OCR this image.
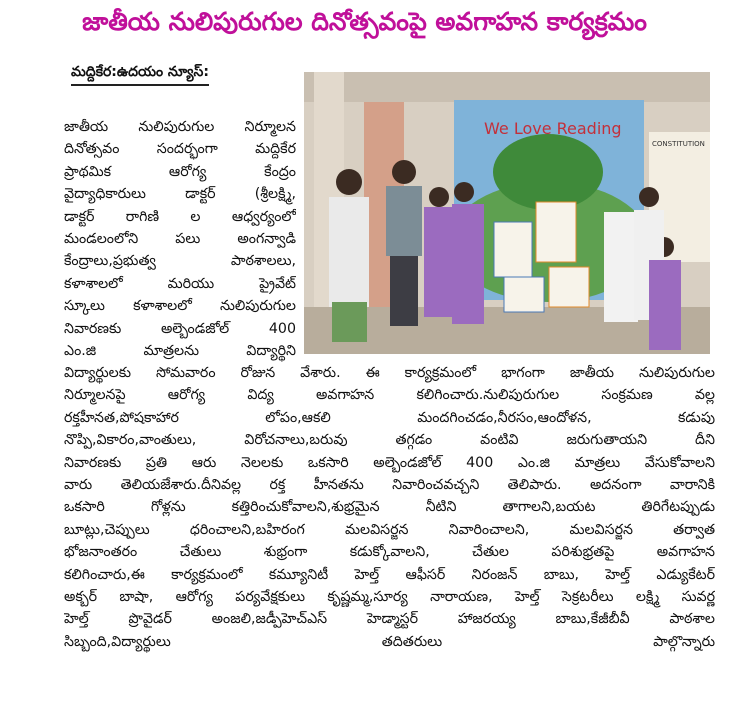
జాతీయ నులిపురుగుల దినోత్సవంపై అవగాహన కార్యక్రమం
మద్దికేర:ఉదయం న్యూస్:
జాతీయ నులిపురుగుల నిర్మూలన
దినోత్సవం సందర్భంగా మద్దికేర
ప్రాథమిక ఆరోగ్య కేంద్రం
వైద్యాధికారులు డాక్టర్ (శ్రీలక్ష్మి,
డాక్టర్ రాగిణి ల ఆధ్వర్యంలో
మండలంలోని పలు అంగన్వాడి
కేంద్రాలు,ప్రభుత్వ పాఠశాలలు,
కళాశాలలో మరియు ప్రైవేట్
స్కూలు కళాశాలలో నులిపురుగుల
నివారణకు అల్బెండజోల్ 400
ఎం.జి మాత్రలను విద్యార్థిని
We Love Reading
CONSTITUTION
విద్యార్థులకు సోమవారం రోజున వేశారు. ఈ కార్యక్రమంలో భాగంగా జాతీయ నులిపురుగుల
నిర్మూలనపై ఆరోగ్య విద్య అవగాహన కలిగించారు.నులిపురుగుల సంక్రమణ వల్ల
రక్తహీనత,పోషకాహార లోపం,ఆకలి మందగించడం,నీరసం,ఆందోళన, కడుపు
నొప్పి,వికారం,వాంతులు, విరోచనాలు,బరువు తగ్గడం వంటివి జరుగుతాయని దీని
నివారణకు ప్రతి ఆరు నెలలకు ఒకసారి అల్బెండజోల్ 400 ఎం.జి మాత్రలు వేసుకోవాలని
వారు తెలియజేశారు.దీనివల్ల రక్త హీనతను నివారించవచ్చని తెలిపారు. అదనంగా వారానికి
ఒకసారి గోళ్లను కత్తిరించుకోవాలని,శుభ్రమైన నీటిని తాగాలని,బయట తిరిగేటప్పుడు
బూట్లు,చెప్పులు ధరించాలని,బహిరంగ మలవిసర్జన నివారించాలని, మలవిసర్జన తర్వాత
భోజనాంతరం చేతులు శుభ్రంగా కడుక్కోవాలని, చేతుల పరిశుభ్రతపై అవగాహన
కలిగించారు,ఈ కార్యక్రమంలో కమ్యూనిటీ హెల్త్ ఆఫీసర్ నిరంజన్ బాబు, హెల్త్ ఎడ్యుకేటర్
అక్బర్ బాషా, ఆరోగ్య పర్యవేక్షకులు కృష్ణమ్మ,సూర్య నారాయణ, హెల్త్ సెక్రటరీలు లక్ష్మి సువర్ణ
హెల్త్ ప్రొవైడర్ అంజలి,జడ్పీహెచ్ఎస్ హెడ్మాస్టర్ హాజరయ్య బాబు,కేజీబీవీ పాఠశాల
సిబ్బంది,విద్యార్థులు తదితరులు పాల్గొన్నారు
